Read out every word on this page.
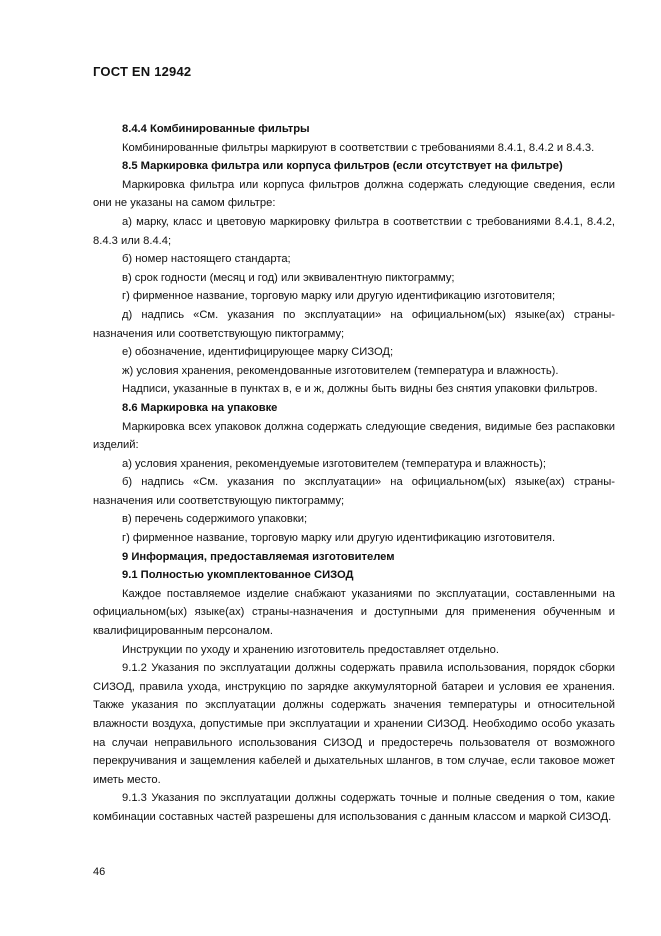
ГОСТ EN 12942

8.4.4 Комбинированные фильтры

Комбинированные фильтры маркируют в соответствии с требованиями 8.4.1, 8.4.2 и 8.4.3.

8.5 Маркировка фильтра или корпуса фильтров (если отсутствует на фильтре)

Маркировка фильтра или корпуса фильтров должна содержать следующие сведения, если они не указаны на самом фильтре:

а) марку, класс и цветовую маркировку фильтра в соответствии с требованиями 8.4.1, 8.4.2, 8.4.3 или 8.4.4;

б) номер настоящего стандарта;

в) срок годности (месяц и год) или эквивалентную пиктограмму;

г) фирменное название, торговую марку или другую идентификацию изготовителя;

д) надпись «См. указания по эксплуатации» на официальном(ых) языке(ах) страны-назначения или соответствующую пиктограмму;

е) обозначение, идентифицирующее марку СИЗОД;

ж) условия хранения, рекомендованные изготовителем (температура и влажность).

Надписи, указанные в пунктах в, е и ж, должны быть видны без снятия упаковки фильтров.

8.6 Маркировка на упаковке

Маркировка всех упаковок должна содержать следующие сведения, видимые без распаковки изделий:

а) условия хранения, рекомендуемые изготовителем (температура и влажность);

б) надпись «См. указания по эксплуатации» на официальном(ых) языке(ах) страны-назначения или соответствующую пиктограмму;

в) перечень содержимого упаковки;

г) фирменное название, торговую марку или другую идентификацию изготовителя.

9 Информация, предоставляемая изготовителем

9.1 Полностью укомплектованное СИЗОД

Каждое поставляемое изделие снабжают указаниями по эксплуатации, составленными на официальном(ых) языке(ах) страны-назначения и доступными для применения обученным и квалифицированным персоналом.

Инструкции по уходу и хранению изготовитель предоставляет отдельно.

9.1.2 Указания по эксплуатации должны содержать правила использования, порядок сборки СИЗОД, правила ухода, инструкцию по зарядке аккумуляторной батареи и условия ее хранения. Также указания по эксплуатации должны содержать значения температуры и относительной влажности воздуха, допустимые при эксплуатации и хранении СИЗОД. Необходимо особо указать на случаи неправильного использования СИЗОД и предостеречь пользователя от возможного перекручивания и защемления кабелей и дыхательных шлангов, в том случае, если таковое может иметь место.

9.1.3 Указания по эксплуатации должны содержать точные и полные сведения о том, какие комбинации составных частей разрешены для использования с данным классом и маркой СИЗОД.

46
